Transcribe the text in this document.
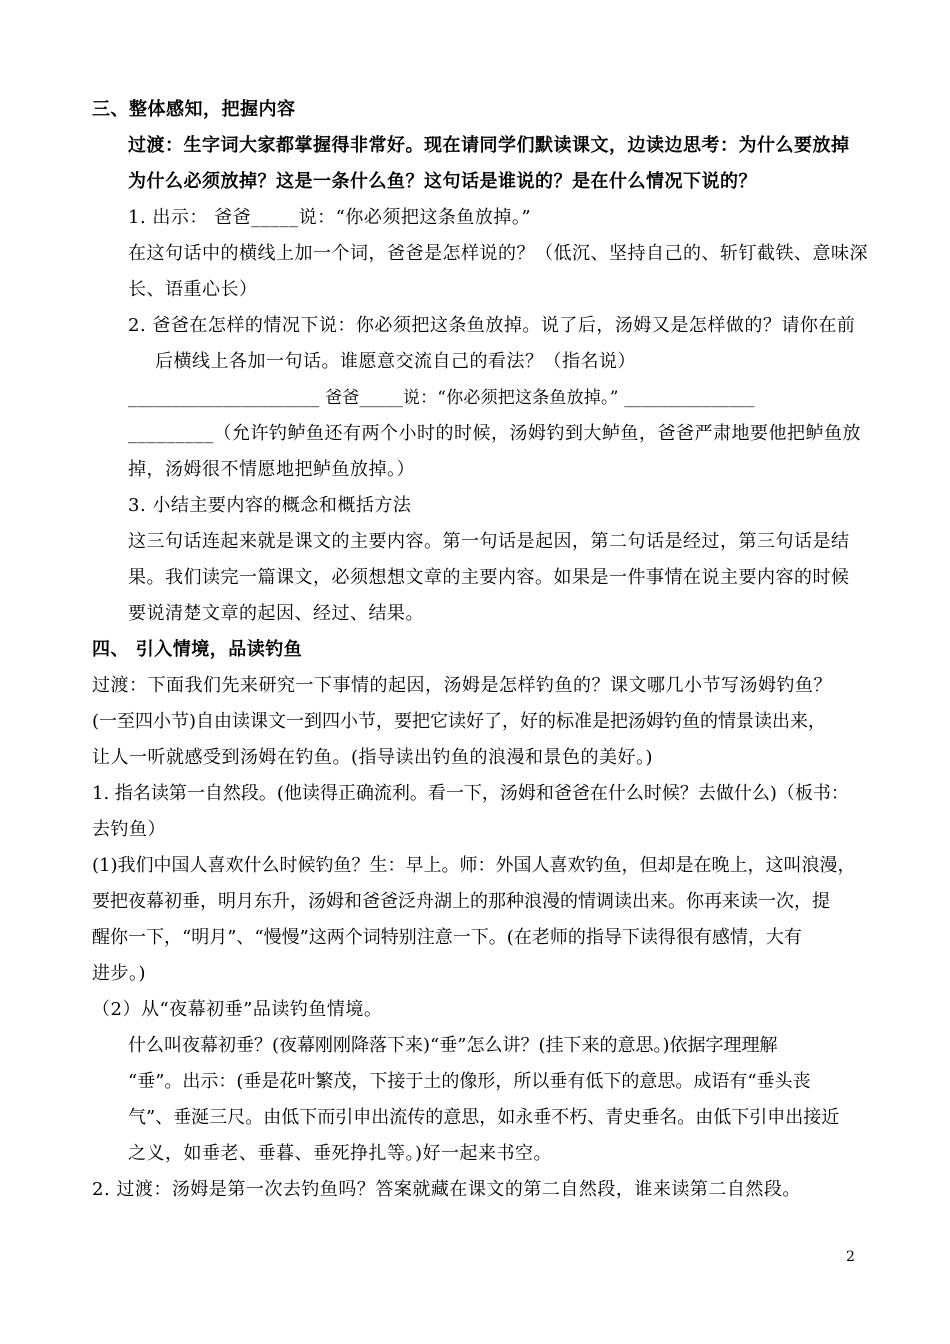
三、整体感知，把握内容
过渡：生字词大家都掌握得非常好。现在请同学们默读课文，边读边思考：为什么要放掉
为什么必须放掉？这是一条什么鱼？这句话是谁说的？是在什么情况下说的？
1. 出示： 爸爸_____说：“你必须把这条鱼放掉。”
在这句话中的横线上加一个词，爸爸是怎样说的？（低沉、坚持自己的、斩钉截铁、意味深
长、语重心长）
2. 爸爸在怎样的情况下说：你必须把这条鱼放掉。说了后，汤姆又是怎样做的？请你在前
后横线上各加一句话。谁愿意交流自己的看法？（指名说）
______________________ 爸爸_____说：“你必须把这条鱼放掉。” _______________
_________（允许钓鲈鱼还有两个小时的时候，汤姆钓到大鲈鱼，爸爸严肃地要他把鲈鱼放
掉，汤姆很不情愿地把鲈鱼放掉。）
3. 小结主要内容的概念和概括方法
这三句话连起来就是课文的主要内容。第一句话是起因，第二句话是经过，第三句话是结
果。我们读完一篇课文，必须想想文章的主要内容。如果是一件事情在说主要内容的时候
要说清楚文章的起因、经过、结果。
四、 引入情境，品读钓鱼
过渡：下面我们先来研究一下事情的起因，汤姆是怎样钓鱼的？课文哪几小节写汤姆钓鱼？
(一至四小节)自由读课文一到四小节，要把它读好了，好的标准是把汤姆钓鱼的情景读出来，
让人一听就感受到汤姆在钓鱼。(指导读出钓鱼的浪漫和景色的美好。)
1. 指名读第一自然段。(他读得正确流利。看一下，汤姆和爸爸在什么时候？去做什么)（板书：
去钓鱼）
(1)我们中国人喜欢什么时候钓鱼？生：早上。师：外国人喜欢钓鱼，但却是在晚上，这叫浪漫，
要把夜幕初垂，明月东升，汤姆和爸爸泛舟湖上的那种浪漫的情调读出来。你再来读一次，提
醒你一下，“明月”、“慢慢”这两个词特别注意一下。(在老师的指导下读得很有感情，大有
进步。)
（2）从“夜幕初垂”品读钓鱼情境。
什么叫夜幕初垂？(夜幕刚刚降落下来)“垂”怎么讲？(挂下来的意思。)依据字理理解
“垂”。出示：(垂是花叶繁茂，下接于土的像形，所以垂有低下的意思。成语有“垂头丧
气”、垂涎三尺。由低下而引申出流传的意思，如永垂不朽、青史垂名。由低下引申出接近
之义，如垂老、垂暮、垂死挣扎等。)好一起来书空。
2. 过渡：汤姆是第一次去钓鱼吗？答案就藏在课文的第二自然段，谁来读第二自然段。
2
